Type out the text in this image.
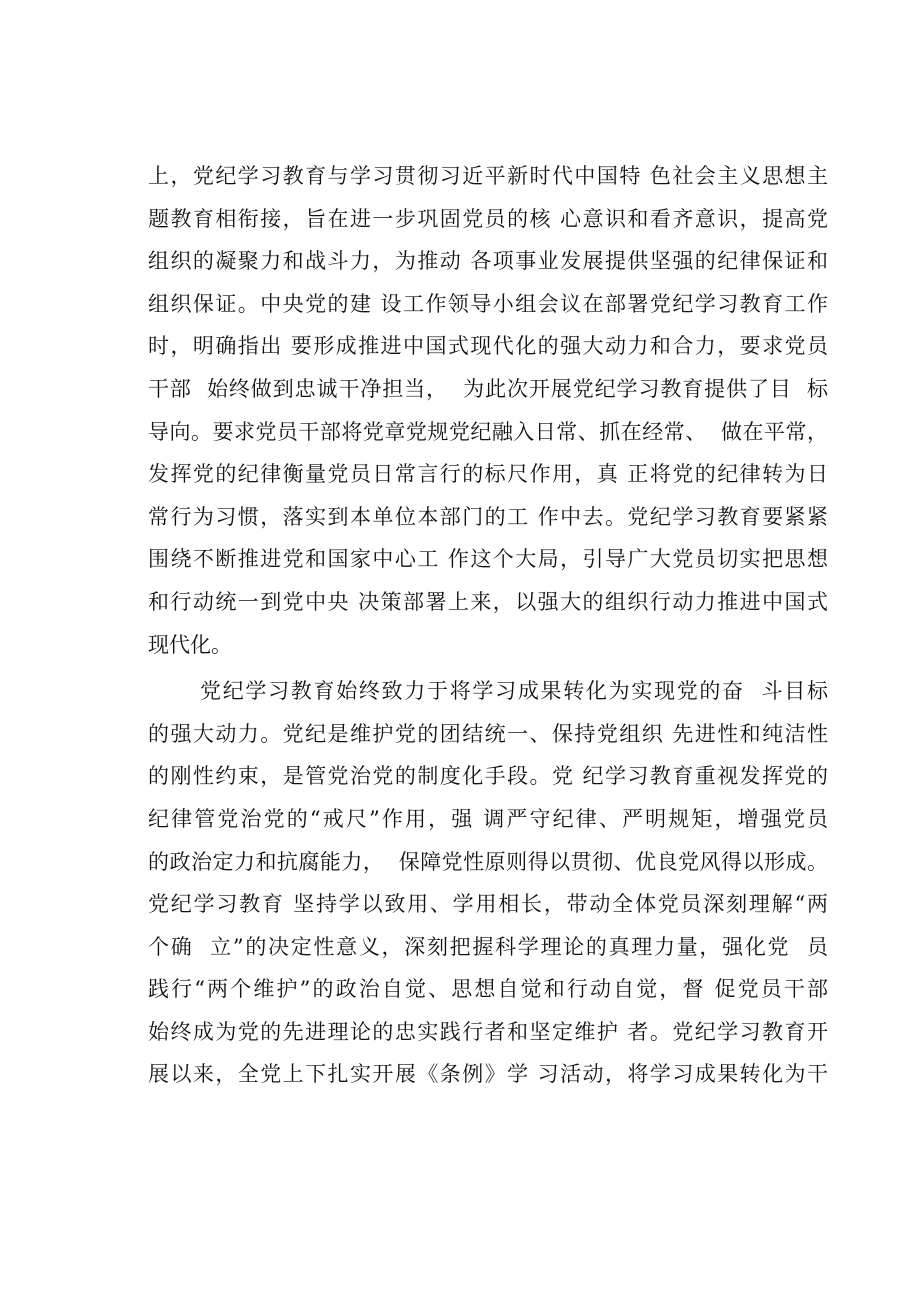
上，党纪学习教育与学习贯彻习近平新时代中国特 色社会主义思想主
题教育相衔接，旨在进一步巩固党员的核 心意识和看齐意识，提高党
组织的凝聚力和战斗力，为推动 各项事业发展提供坚强的纪律保证和
组织保证。中央党的建 设工作领导小组会议在部署党纪学习教育工作
时，明确指出 要形成推进中国式现代化的强大动力和合力，要求党员
干部  始终做到忠诚干净担当，  为此次开展党纪学习教育提供了目  标
导向。要求党员干部将党章党规党纪融入日常、抓在经常、  做在平常，
发挥党的纪律衡量党员日常言行的标尺作用，真 正将党的纪律转为日
常行为习惯，落实到本单位本部门的工 作中去。党纪学习教育要紧紧
围绕不断推进党和国家中心工 作这个大局，引导广大党员切实把思想
和行动统一到党中央 决策部署上来，以强大的组织行动力推进中国式
现代化。
党纪学习教育始终致力于将学习成果转化为实现党的奋  斗目标
的强大动力。党纪是维护党的团结统一、保持党组织 先进性和纯洁性
的刚性约束，是管党治党的制度化手段。党 纪学习教育重视发挥党的
纪律管党治党的“戒尺”作用，强 调严守纪律、严明规矩，增强党员
的政治定力和抗腐能力，  保障党性原则得以贯彻、优良党风得以形成。
党纪学习教育 坚持学以致用、学用相长，带动全体党员深刻理解“两
个确  立”的决定性意义，深刻把握科学理论的真理力量，强化党  员
践行“两个维护”的政治自觉、思想自觉和行动自觉，督 促党员干部
始终成为党的先进理论的忠实践行者和坚定维护 者。党纪学习教育开
展以来，全党上下扎实开展《条例》学 习活动，将学习成果转化为干
